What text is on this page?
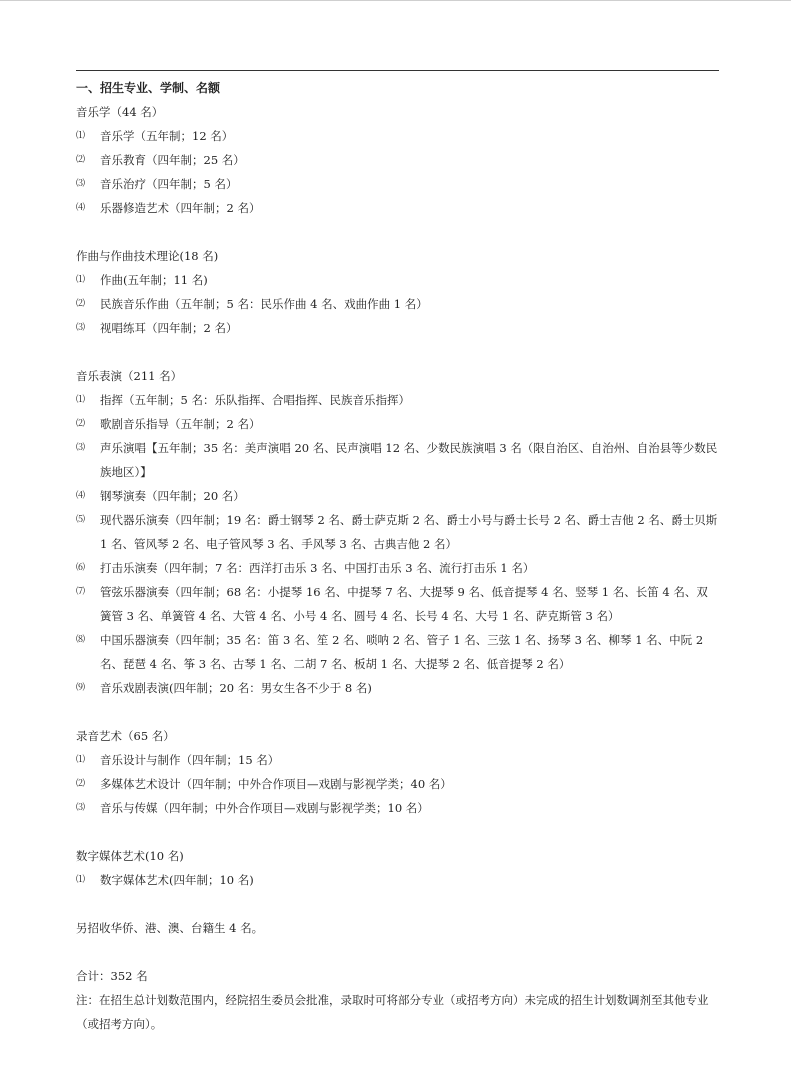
一、招生专业、学制、名额
音乐学（44 名）
⑴	音乐学（五年制；12 名）
⑵	音乐教育（四年制；25 名）
⑶	音乐治疗（四年制；5 名）
⑷	乐器修造艺术（四年制；2 名）
作曲与作曲技术理论(18 名)
⑴	作曲(五年制；11 名)
⑵	民族音乐作曲（五年制；5 名：民乐作曲 4 名、戏曲作曲 1 名）
⑶	视唱练耳（四年制；2 名）
音乐表演（211 名）
⑴	指挥（五年制；5 名：乐队指挥、合唱指挥、民族音乐指挥）
⑵	歌剧音乐指导（五年制；2 名）
⑶	声乐演唱【五年制；35 名：美声演唱 20 名、民声演唱 12 名、少数民族演唱 3 名（限自治区、自治州、自治县等少数民族地区）】
⑷	钢琴演奏（四年制；20 名）
⑸	现代器乐演奏（四年制；19 名：爵士钢琴 2 名、爵士萨克斯 2 名、爵士小号与爵士长号 2 名、爵士吉他 2 名、爵士贝斯 1 名、管风琴 2 名、电子管风琴 3 名、手风琴 3 名、古典吉他 2 名）
⑹	打击乐演奏（四年制；7 名：西洋打击乐 3 名、中国打击乐 3 名、流行打击乐 1 名）
⑺	管弦乐器演奏（四年制；68 名：小提琴 16 名、中提琴 7 名、大提琴 9 名、低音提琴 4 名、竖琴 1 名、长笛 4 名、双簧管 3 名、单簧管 4 名、大管 4 名、小号 4 名、圆号 4 名、长号 4 名、大号 1 名、萨克斯管 3 名）
⑻	中国乐器演奏（四年制；35 名：笛 3 名、笙 2 名、唢呐 2 名、管子 1 名、三弦 1 名、扬琴 3 名、柳琴 1 名、中阮 2 名、琵琶 4 名、筝 3 名、古琴 1 名、二胡 7 名、板胡 1 名、大提琴 2 名、低音提琴 2 名）
⑼	音乐戏剧表演(四年制；20 名：男女生各不少于 8 名)
录音艺术（65 名）
⑴	音乐设计与制作（四年制；15 名）
⑵	多媒体艺术设计（四年制；中外合作项目—戏剧与影视学类；40 名）
⑶	音乐与传媒（四年制；中外合作项目—戏剧与影视学类；10 名）
数字媒体艺术(10 名)
⑴	数字媒体艺术(四年制；10 名)
另招收华侨、港、澳、台籍生 4 名。
合计：352 名
注：在招生总计划数范围内，经院招生委员会批准，录取时可将部分专业（或招考方向）未完成的招生计划数调剂至其他专业（或招考方向）。
